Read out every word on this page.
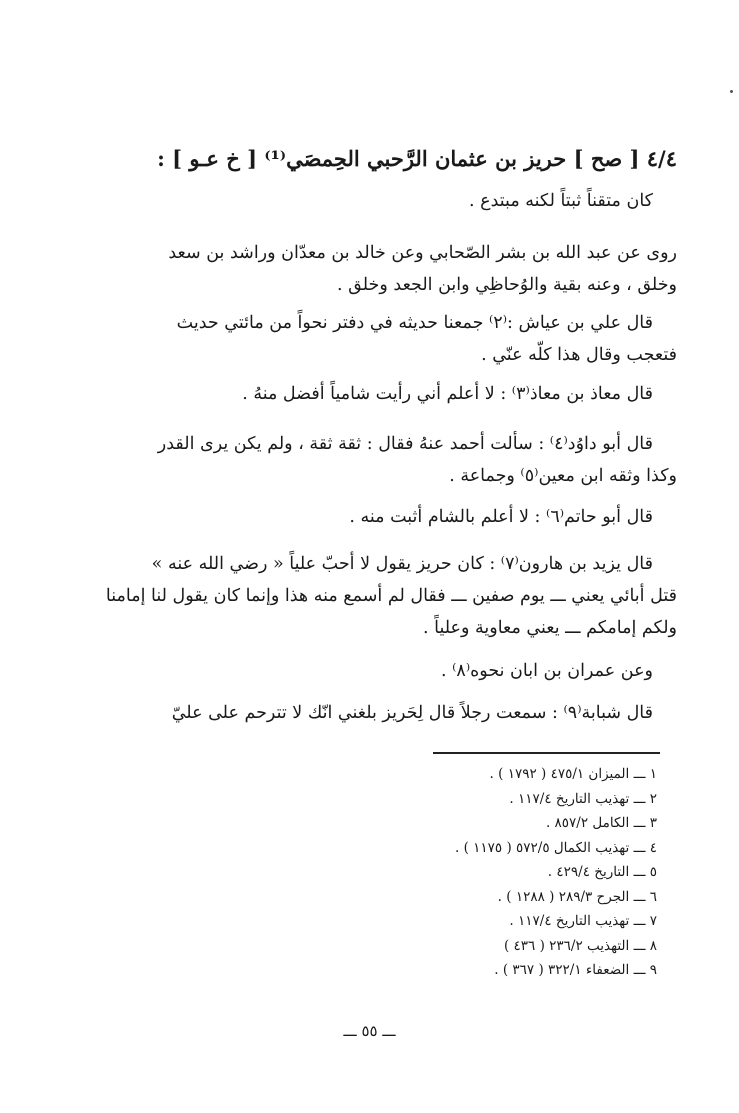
٤/٤ [ صح ] حريز بن عثمان الرَّحبي الحِمصَي⁽¹⁾ [ خ عـو ] :
كان متقناً ثبتاً لكنه مبتدع .
روى عن عبد الله بن بشر الصّحابي وعن خالد بن معدّان وراشد بن سعد
وخلق ، وعنه بقية والوُحاظِي وابن الجعد وخلق .
قال علي بن عياش :⁽٢⁾ جمعنا حديثه في دفتر نحواً من مائتي حديث
فتعجب وقال هذا كلّه عنّي .
قال معاذ بن معاذ⁽٣⁾ : لا أعلم أني رأيت شامياً أفضل منهُ .
قال أبو داوُد⁽٤⁾ : سألت أحمد عنهُ فقال : ثقة ثقة ، ولم يكن يرى القدر
وكذا وثقه ابن معين⁽٥⁾ وجماعة .
قال أبو حاتم⁽٦⁾ : لا أعلم بالشام أثبت منه .
قال يزيد بن هارون⁽٧⁾ : كان حريز يقول لا أحبّ علياً « رضي الله عنه »
قتل أبائي يعني ـــ يوم صفين ـــ فقال لم أسمع منه هذا وإنما كان يقول لنا إمامنا
ولكم إمامكم ـــ يعني معاوية وعلياً .
وعن عمران بن ابان نحوه⁽٨⁾ .
قال شبابة⁽٩⁾ : سمعت رجلاً قال لِحَريز بلغني انّك لا تترحم على عليّ
١ ـــ الميزان ٤٧٥/١ ( ١٧٩٢ ) .
٢ ـــ تهذيب التاريخ ١١٧/٤ .
٣ ـــ الكامل ٨٥٧/٢ .
٤ ـــ تهذيب الكمال ٥٧٢/٥ ( ١١٧٥ ) .
٥ ـــ التاريخ ٤٢٩/٤ .
٦ ـــ الجرح ٢٨٩/٣ ( ١٢٨٨ ) .
٧ ـــ تهذيب التاريخ ١١٧/٤ .
٨ ـــ التهذيب ٢٣٦/٢ ( ٤٣٦ )
٩ ـــ الضعفاء ٣٢٢/١ ( ٣٦٧ ) .
ـــ ٥٥ ـــ
